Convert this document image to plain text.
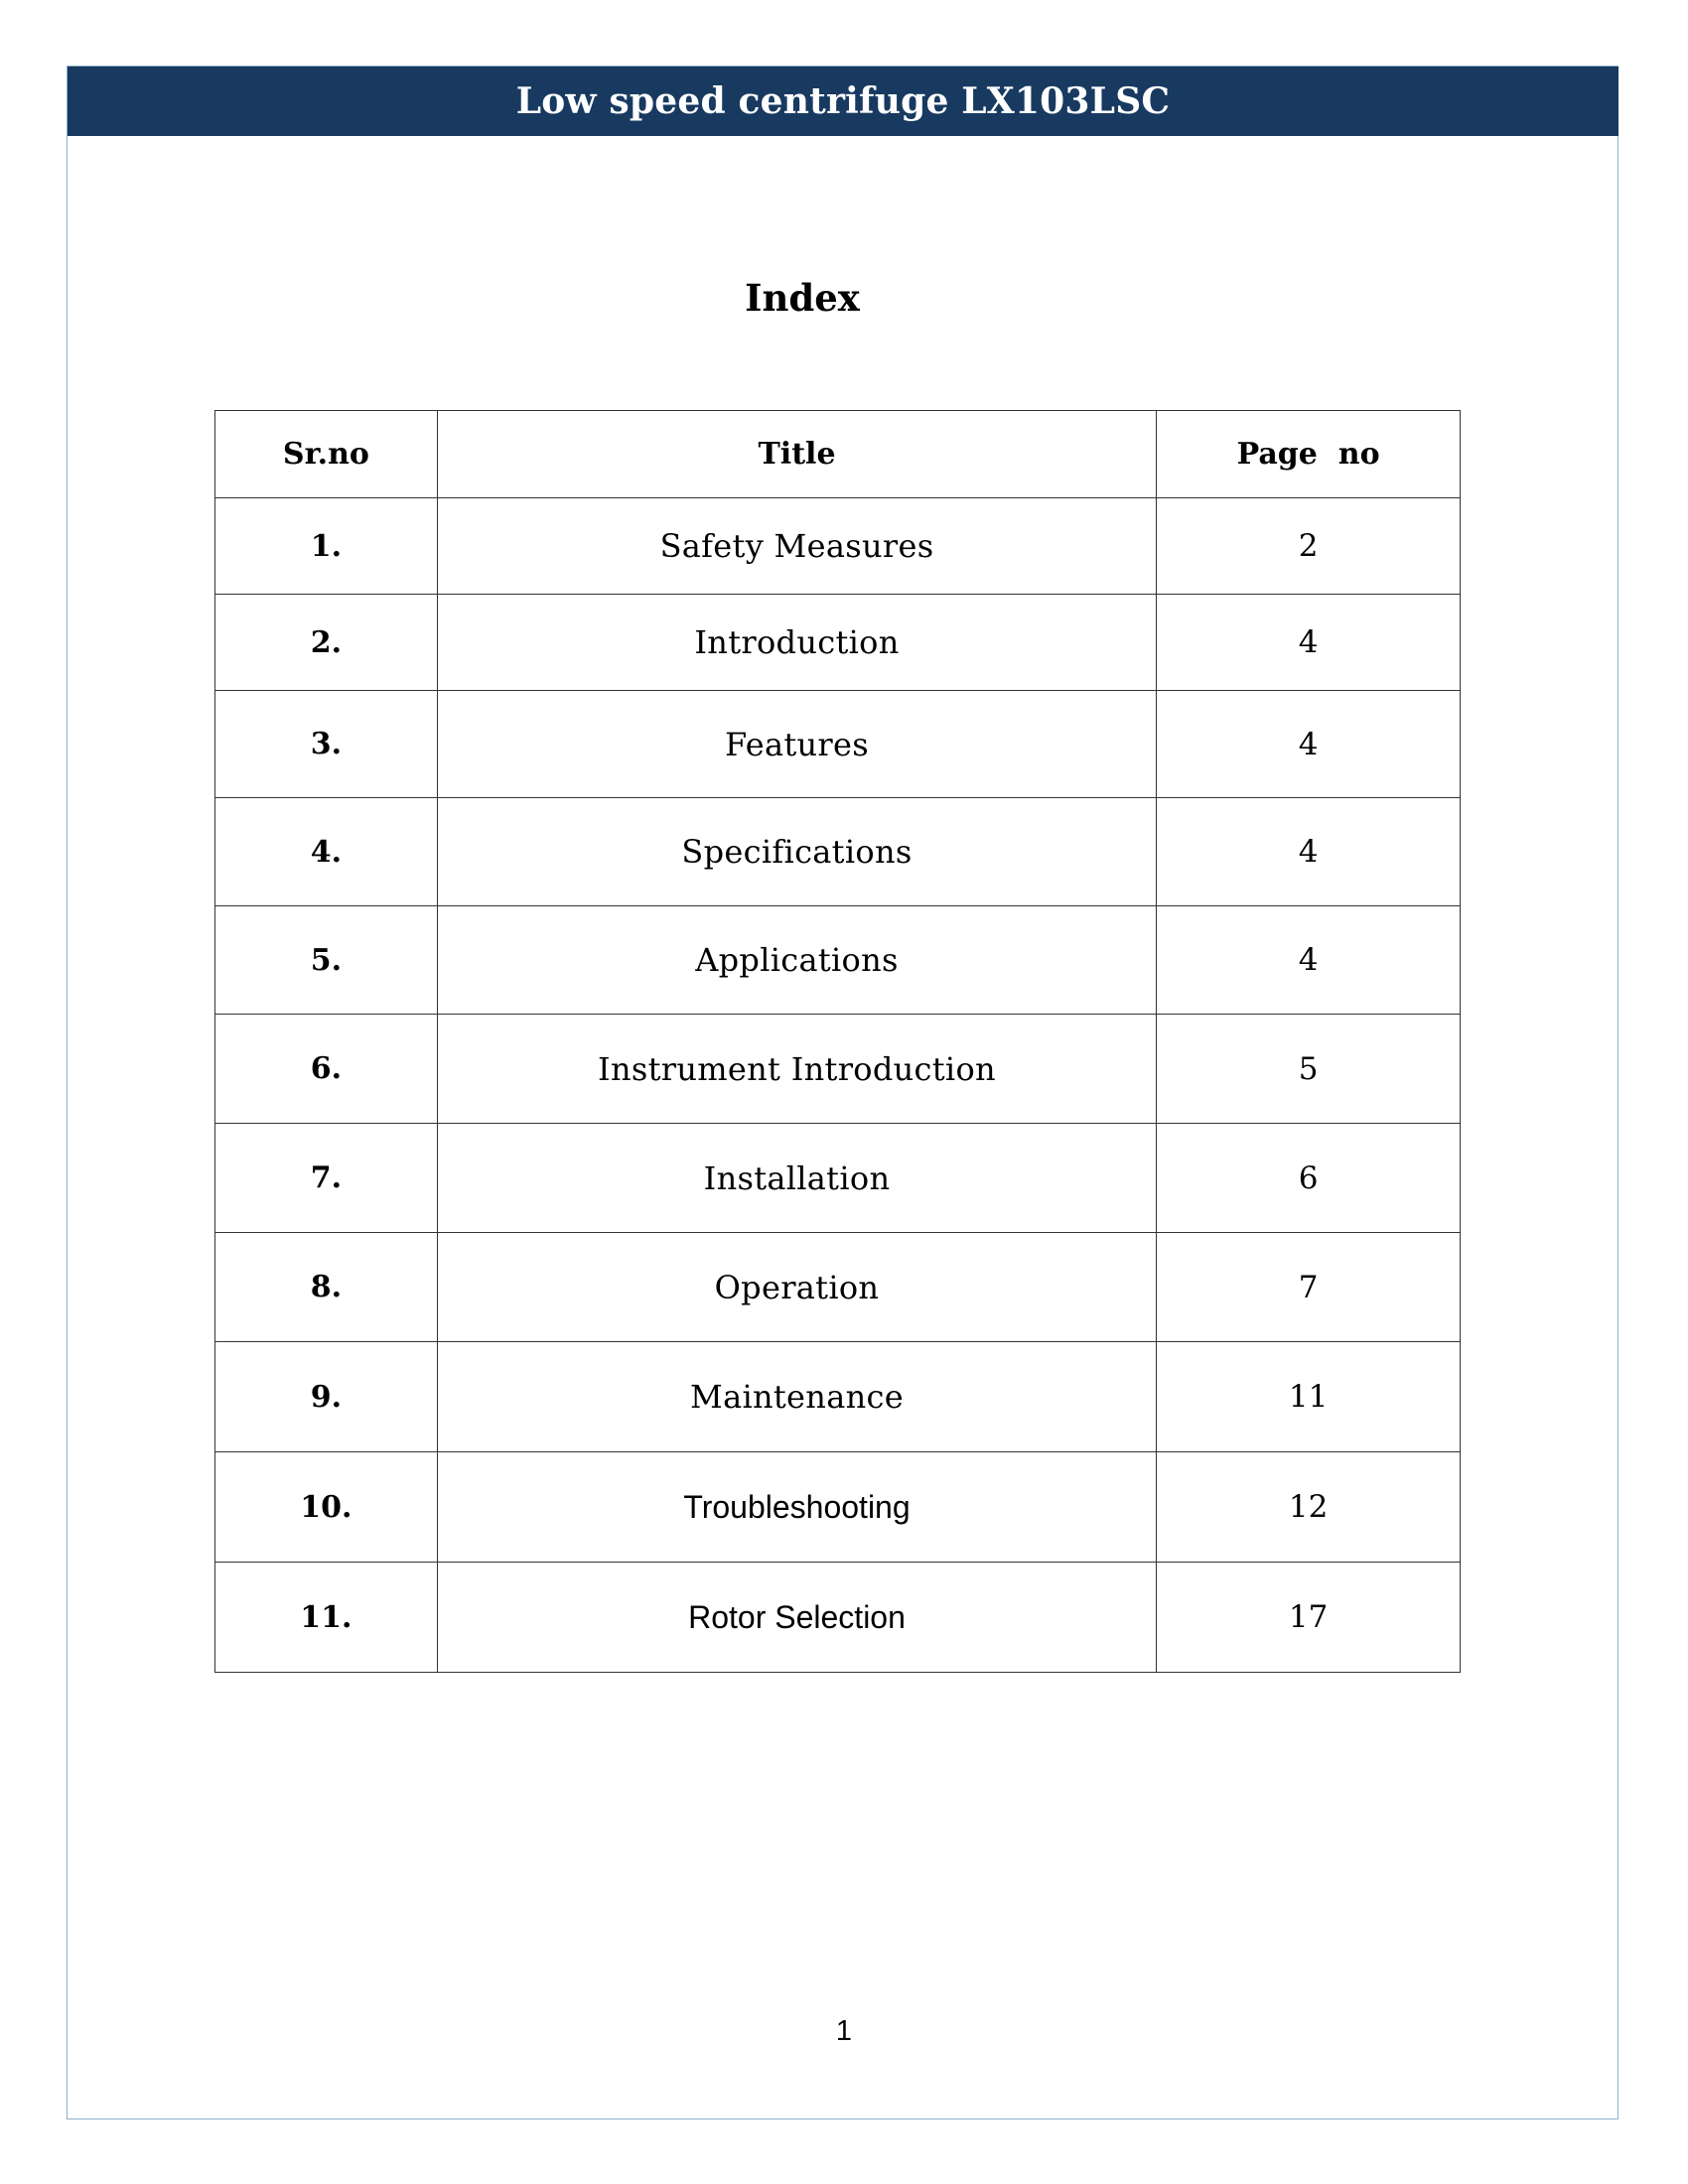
Low speed centrifuge LX103LSC
Index
Sr.no	Title	Page  no
1.	Safety Measures	2
2.	Introduction	4
3.	Features	4
4.	Specifications	4
5.	Applications	4
6.	Instrument Introduction	5
7.	Installation	6
8.	Operation	7
9.	Maintenance	11
10.	Troubleshooting	12
11.	Rotor Selection	17
1
